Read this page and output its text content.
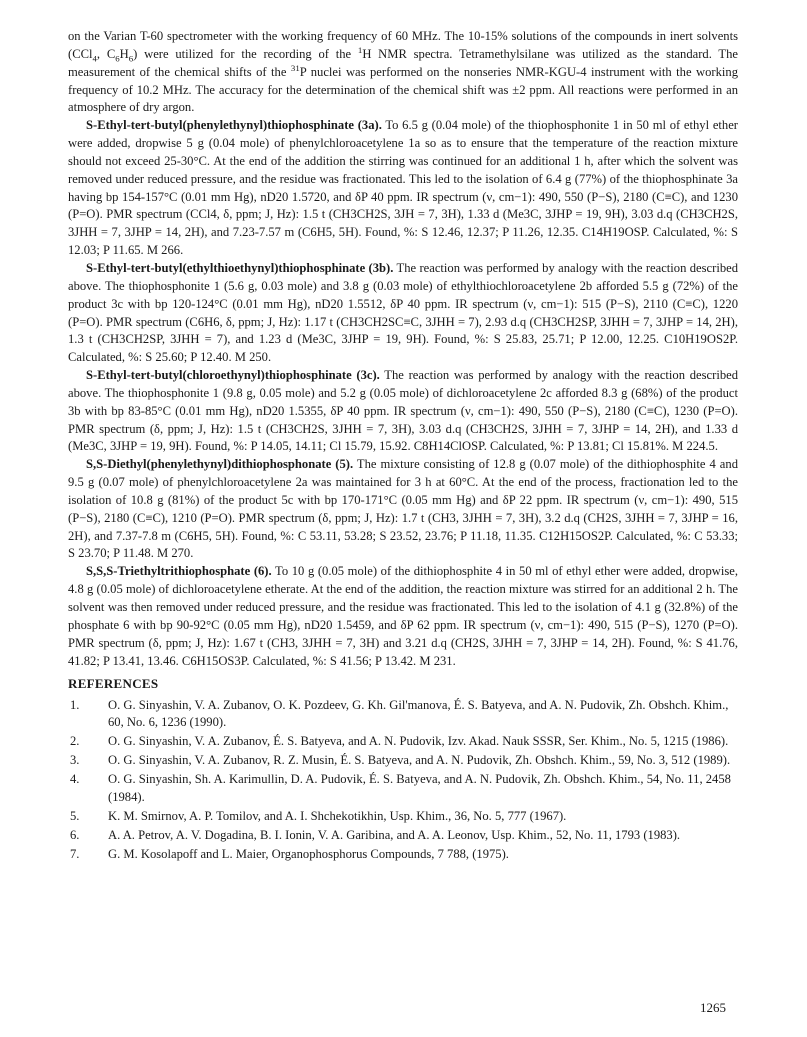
on the Varian T-60 spectrometer with the working frequency of 60 MHz. The 10-15% solutions of the compounds in inert solvents (CCl$_4$, $C_6H_6$) were utilized for the recording of the $^1$H NMR spectra. Tetramethylsilane was utilized as the standard. The measurement of the chemical shifts of the $^{31}$P nuclei was performed on the nonseries NMR-KGU-4 instrument with the working frequency of 10.2 MHz. The accuracy for the determination of the chemical shift was ±2 ppm. All reactions were performed in an atmosphere of dry argon.

S-Ethyl-tert-butyl(phenylethynyl)thiophosphinate (3a). To 6.5 g (0.04 mole) of the thiophosphonite 1 in 50 ml of ethyl ether were added, dropwise 5 g (0.04 mole) of phenylchloroacetylene 1a so as to ensure that the temperature of the reaction mixture should not exceed 25-30°C. At the end of the addition the stirring was continued for an additional 1 h, after which the solvent was removed under reduced pressure, and the residue was fractionated. This led to the isolation of 6.4 g (77%) of the thiophosphinate 3a having bp 154-157°C (0.01 mm Hg), nD20 1.5720, and δP 40 ppm. IR spectrum (ν, cm−1): 490, 550 (P−S), 2180 (C≡C), and 1230 (P=O). PMR spectrum (CCl4, δ, ppm; J, Hz): 1.5 t (CH3CH2S, 3JH = 7, 3H), 1.33 d (Me3C, 3JHP = 19, 9H), 3.03 d.q (CH3CH2S, 3JHH = 7, 3JHP = 14, 2H), and 7.23-7.57 m (C6H5, 5H). Found, %: S 12.46, 12.37; P 11.26, 12.35. C14H19OSP. Calculated, %: S 12.03; P 11.65. M 266.

S-Ethyl-tert-butyl(ethylthioethynyl)thiophosphinate (3b). The reaction was performed by analogy with the reaction described above. The thiophosphonite 1 (5.6 g, 0.03 mole) and 3.8 g (0.03 mole) of ethylthiochloroacetylene 2b afforded 5.5 g (72%) of the product 3c with bp 120-124°C (0.01 mm Hg), nD20 1.5512, δP 40 ppm. IR spectrum (ν, cm−1): 515 (P−S), 2110 (C≡C), 1220 (P=O). PMR spectrum (C6H6, δ, ppm; J, Hz): 1.17 t (CH3CH2SC≡C, 3JHH = 7), 2.93 d.q (CH3CH2SP, 3JHH = 7, 3JHP = 14, 2H), 1.3 t (CH3CH2SP, 3JHH = 7), and 1.23 d (Me3C, 3JHP = 19, 9H). Found, %: S 25.83, 25.71; P 12.00, 12.25. C10H19OS2P. Calculated, %: S 25.60; P 12.40. M 250.

S-Ethyl-tert-butyl(chloroethynyl)thiophosphinate (3c). The reaction was performed by analogy with the reaction described above. The thiophosphonite 1 (9.8 g, 0.05 mole) and 5.2 g (0.05 mole) of dichloroacetylene 2c afforded 8.3 g (68%) of the product 3b with bp 83-85°C (0.01 mm Hg), nD20 1.5355, δP 40 ppm. IR spectrum (ν, cm−1): 490, 550 (P−S), 2180 (C≡C), 1230 (P=O). PMR spectrum (δ, ppm; J, Hz): 1.5 t (CH3CH2S, 3JHH = 7, 3H), 3.03 d.q (CH3CH2S, 3JHH = 7, 3JHP = 14, 2H), and 1.33 d (Me3C, 3JHP = 19, 9H). Found, %: P 14.05, 14.11; Cl 15.79, 15.92. C8H14ClOSP. Calculated, %: P 13.81; Cl 15.81%. M 224.5.

S,S-Diethyl(phenylethynyl)dithiophosphonate (5). The mixture consisting of 12.8 g (0.07 mole) of the dithiophosphite 4 and 9.5 g (0.07 mole) of phenylchloroacetylene 2a was maintained for 3 h at 60°C. At the end of the process, fractionation led to the isolation of 10.8 g (81%) of the product 5c with bp 170-171°C (0.05 mm Hg) and δP 22 ppm. IR spectrum (ν, cm−1): 490, 515 (P−S), 2180 (C≡C), 1210 (P=O). PMR spectrum (δ, ppm; J, Hz): 1.7 t (CH3, 3JHH = 7, 3H), 3.2 d.q (CH2S, 3JHH = 7, 3JHP = 16, 2H), and 7.37-7.8 m (C6H5, 5H). Found, %: C 53.11, 53.28; S 23.52, 23.76; P 11.18, 11.35. C12H15OS2P. Calculated, %: C 53.33; S 23.70; P 11.48. M 270.

S,S,S-Triethyltrithiophosphate (6). To 10 g (0.05 mole) of the dithiophosphite 4 in 50 ml of ethyl ether were added, dropwise, 4.8 g (0.05 mole) of dichloroacetylene etherate. At the end of the addition, the reaction mixture was stirred for an additional 2 h. The solvent was then removed under reduced pressure, and the residue was fractionated. This led to the isolation of 4.1 g (32.8%) of the phosphate 6 with bp 90-92°C (0.05 mm Hg), nD20 1.5459, and δP 62 ppm. IR spectrum (ν, cm−1): 490, 515 (P−S), 1270 (P=O). PMR spectrum (δ, ppm; J, Hz): 1.67 t (CH3, 3JHH = 7, 3H) and 3.21 d.q (CH2S, 3JHH = 7, 3JHP = 14, 2H). Found, %: S 41.76, 41.82; P 13.41, 13.46. C6H15OS3P. Calculated, %: S 41.56; P 13.42. M 231.

REFERENCES
1.	O. G. Sinyashin, V. A. Zubanov, O. K. Pozdeev, G. Kh. Gil'manova, É. S. Batyeva, and A. N. Pudovik, Zh. Obshch. Khim., 60, No. 6, 1236 (1990).
2.	O. G. Sinyashin, V. A. Zubanov, É. S. Batyeva, and A. N. Pudovik, Izv. Akad. Nauk SSSR, Ser. Khim., No. 5, 1215 (1986).
3.	O. G. Sinyashin, V. A. Zubanov, R. Z. Musin, É. S. Batyeva, and A. N. Pudovik, Zh. Obshch. Khim., 59, No. 3, 512 (1989).
4.	O. G. Sinyashin, Sh. A. Karimullin, D. A. Pudovik, É. S. Batyeva, and A. N. Pudovik, Zh. Obshch. Khim., 54, No. 11, 2458 (1984).
5.	K. M. Smirnov, A. P. Tomilov, and A. I. Shchekotikhin, Usp. Khim., 36, No. 5, 777 (1967).
6.	A. A. Petrov, A. V. Dogadina, B. I. Ionin, V. A. Garibina, and A. A. Leonov, Usp. Khim., 52, No. 11, 1793 (1983).
7.	G. M. Kosolapoff and L. Maier, Organophosphorus Compounds, 7 788, (1975).
1265
